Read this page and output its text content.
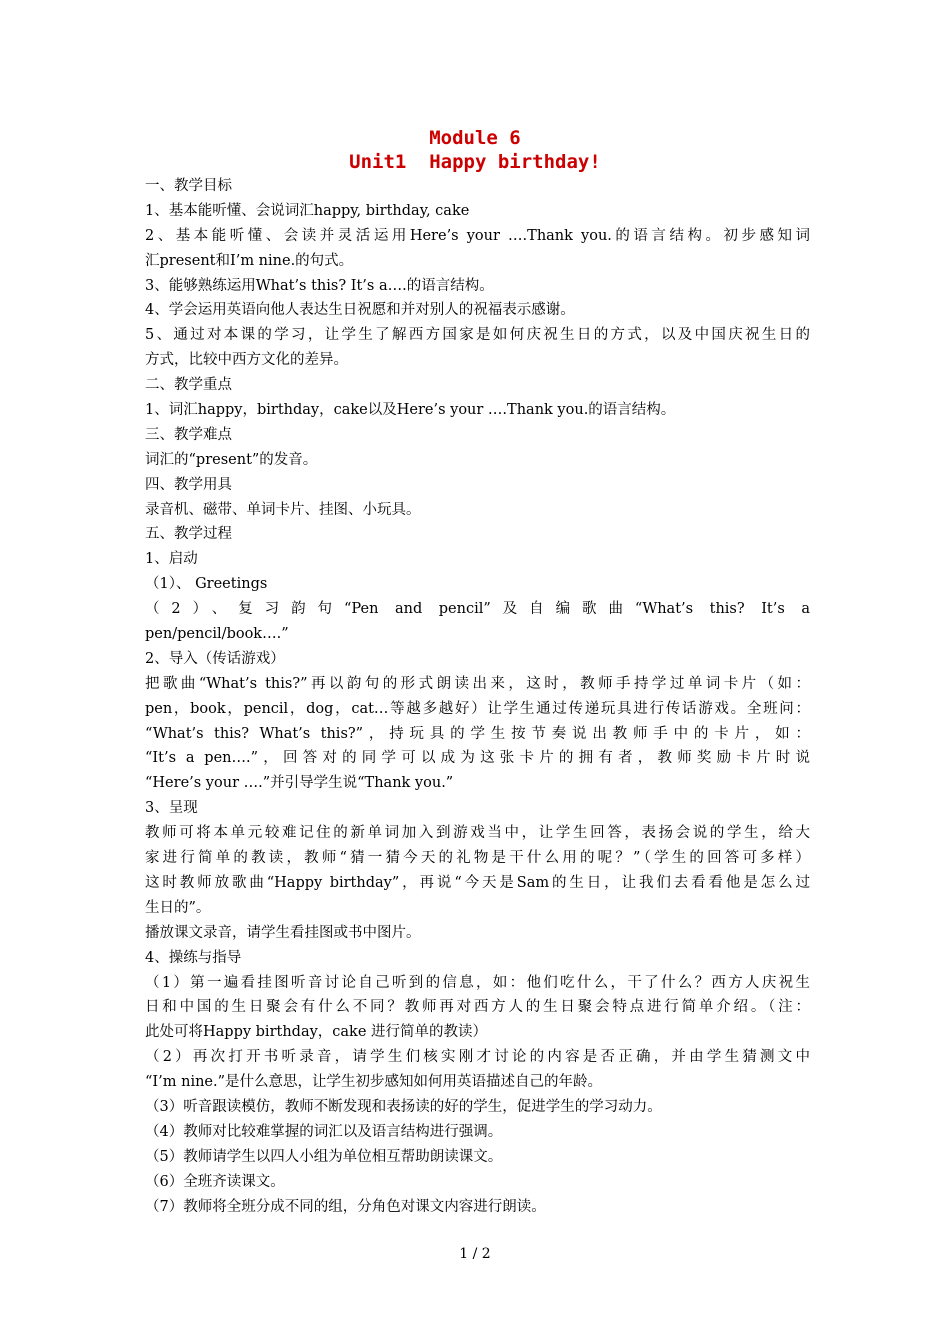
Module 6
Unit1  Happy birthday!
一、教学目标
1、基本能听懂、会说词汇happy, birthday, cake
2、基本能听懂、会读并灵活运用Here’s your ….Thank you.的语言结构。初步感知词
汇present和I’m nine.的句式。
3、能够熟练运用What’s this? It’s a….的语言结构。
4、学会运用英语向他人表达生日祝愿和并对别人的祝福表示感谢。
5、通过对本课的学习，让学生了解西方国家是如何庆祝生日的方式，以及中国庆祝生日的
方式，比较中西方文化的差异。
二、教学重点
1、词汇happy，birthday，cake以及Here’s your ….Thank you.的语言结构。
三、教学难点
词汇的“present”的发音。
四、教学用具
录音机、磁带、单词卡片、挂图、小玩具。
五、教学过程
1、启动
（1）、 Greetings
（2）、复习韵句“Pen and pencil”及自编歌曲“What’s this? It’s a
pen/pencil/book….”
2、导入（传话游戏）
把歌曲“What’s this?”再以韵句的形式朗读出来，这时，教师手持学过单词卡片（如：
pen，book，pencil，dog，cat…等越多越好）让学生通过传递玩具进行传话游戏。全班问：
“What’s this? What’s this?”，持玩具的学生按节奏说出教师手中的卡片，如：
“It’s a pen….”，回答对的同学可以成为这张卡片的拥有者，教师奖励卡片时说
“Here’s your ….”并引导学生说“Thank you.”
3、呈现
教师可将本单元较难记住的新单词加入到游戏当中，让学生回答，表扬会说的学生，给大
家进行简单的教读，教师“猜一猜今天的礼物是干什么用的呢？”（学生的回答可多样）
这时教师放歌曲“Happy birthday”，再说“今天是Sam的生日，让我们去看看他是怎么过
生日的”。
播放课文录音，请学生看挂图或书中图片。
4、操练与指导
（1）第一遍看挂图听音讨论自己听到的信息，如：他们吃什么，干了什么？西方人庆祝生
日和中国的生日聚会有什么不同？教师再对西方人的生日聚会特点进行简单介绍。（注：
此处可将Happy birthday，cake 进行简单的教读）
（2）再次打开书听录音，请学生们核实刚才讨论的内容是否正确，并由学生猜测文中
“I’m nine.”是什么意思，让学生初步感知如何用英语描述自己的年龄。
（3）听音跟读模仿，教师不断发现和表扬读的好的学生，促进学生的学习动力。
（4）教师对比较难掌握的词汇以及语言结构进行强调。
（5）教师请学生以四人小组为单位相互帮助朗读课文。
（6）全班齐读课文。
（7）教师将全班分成不同的组，分角色对课文内容进行朗读。
1 / 2
